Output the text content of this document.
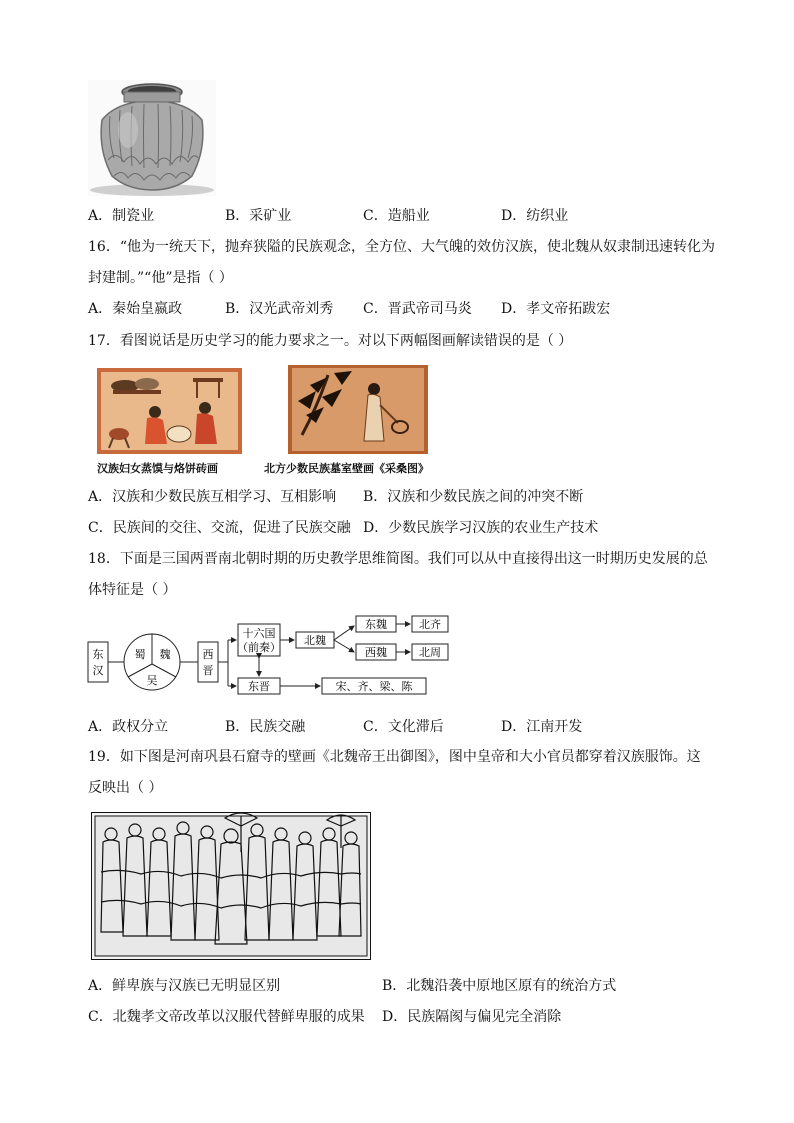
A．制瓷业	B．采矿业	C．造船业	D．纺织业
16．“他为一统天下，抛弃狭隘的民族观念，全方位、大气魄的效仿汉族，使北魏从奴隶制迅速转化为
封建制。”“他”是指（ ）
A．秦始皇嬴政	B．汉光武帝刘秀 C．晋武帝司马炎 D．孝文帝拓跋宏
17．看图说话是历史学习的能力要求之一。对以下两幅图画解读错误的是（ ）
汉族妇女蒸馍与烙饼砖画	北方少数民族墓室壁画《采桑图》
A．汉族和少数民族互相学习、互相影响 B．汉族和少数民族之间的冲突不断
C．民族间的交往、交流，促进了民族交融 D．少数民族学习汉族的农业生产技术
18．下面是三国两晋南北朝时期的历史教学思维简图。我们可以从中直接得出这一时期历史发展的总
体特征是（ ）
东
汉
蜀 魏
吴
西
晋
十六国
（前秦）
东晋	宋、齐、梁、陈
北魏
东魏
西魏
北齐
北周
A．政权分立	B．民族交融	C．文化滞后	D．江南开发
19．如下图是河南巩县石窟寺的壁画《北魏帝王出御图》，图中皇帝和大小官员都穿着汉族服饰。这
反映出（ ）
A．鲜卑族与汉族已无明显区别	B．北魏沿袭中原地区原有的统治方式
C．北魏孝文帝改革以汉服代替鲜卑服的成果 D．民族隔阂与偏见完全消除
